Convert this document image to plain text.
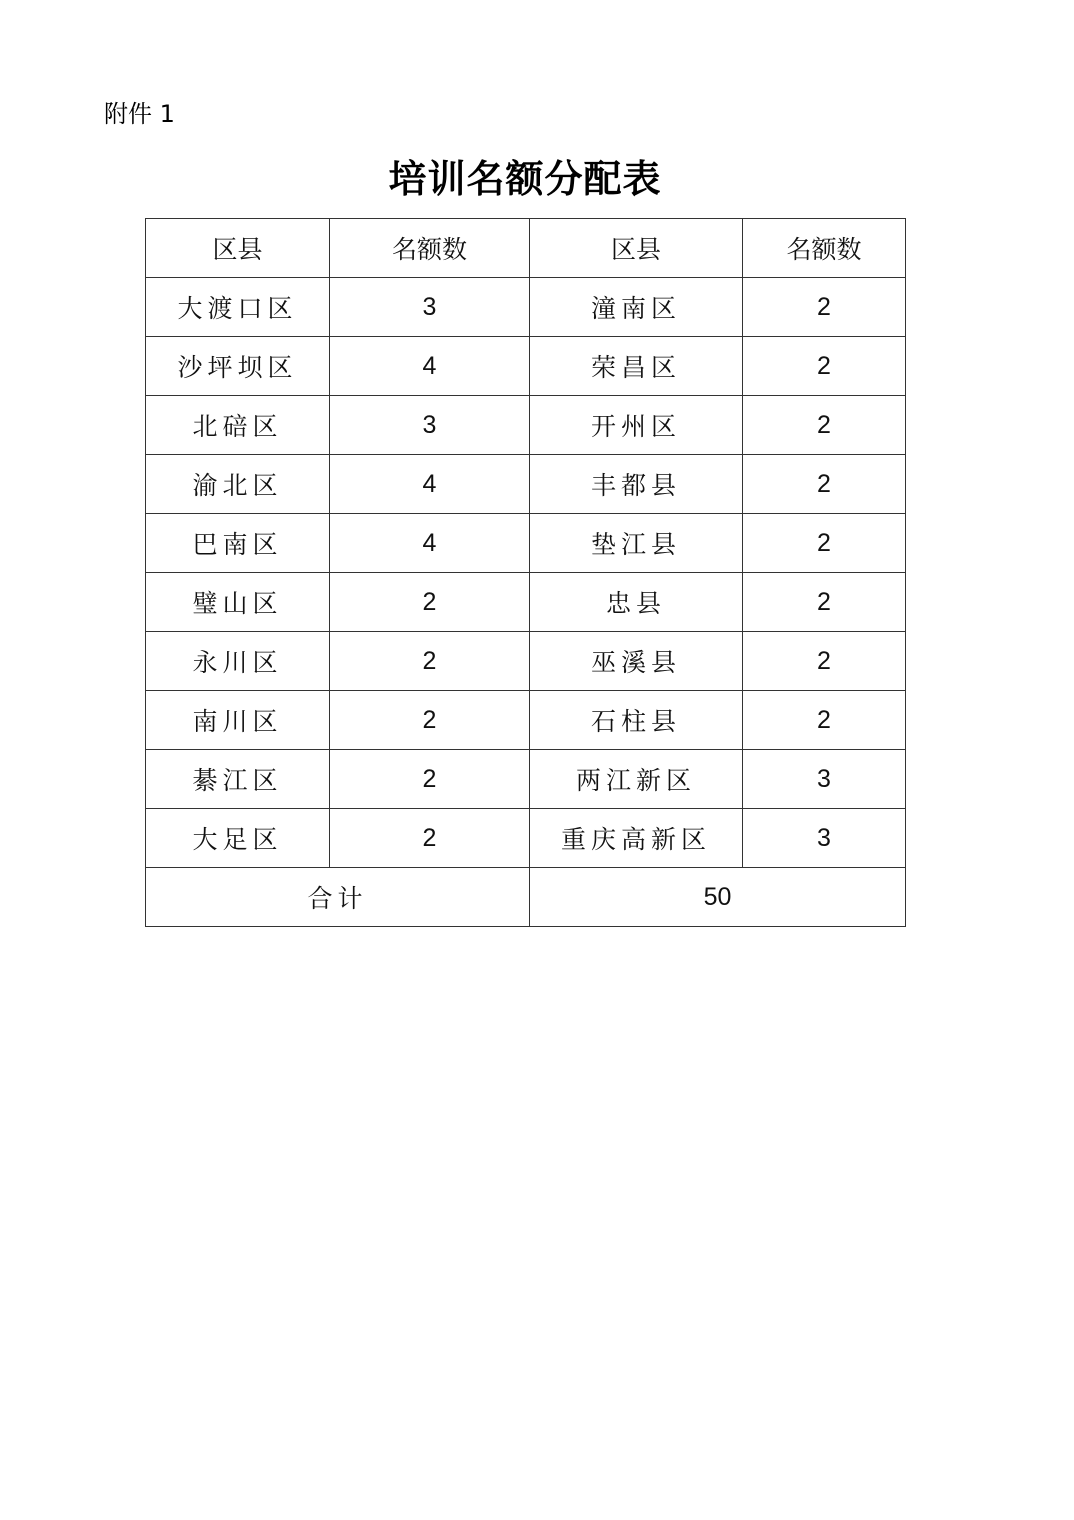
附件 1
培训名额分配表
区县	名额数	区县	名额数
大渡口区	3	潼南区	2
沙坪坝区	4	荣昌区	2
北碚区	3	开州区	2
渝北区	4	丰都县	2
巴南区	4	垫江县	2
璧山区	2	忠县	2
永川区	2	巫溪县	2
南川区	2	石柱县	2
綦江区	2	两江新区	3
大足区	2	重庆高新区	3
合计		50	
